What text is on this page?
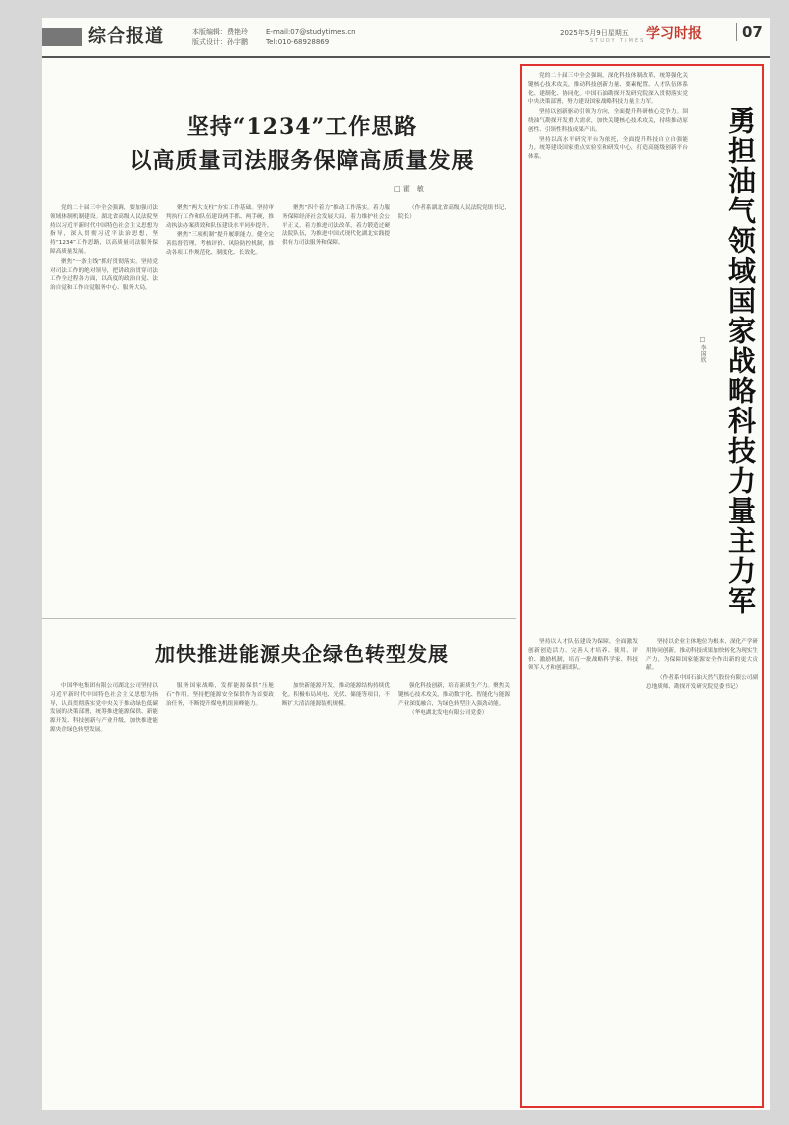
综合报道	本版编辑：费艳玲
版式设计：孙宇鹏
E-mail:07@studytimes.cn
Tel:010-68928869
2025年5月9日星期五
STUDY TIMES 学习时报	07
坚持“1234”工作思路
以高质量司法服务保障高质量发展
□ 霍　敏

党的二十届三中全会强调，要加强司法领域体制机制建设。湖北省高级人民法院坚持以习近平新时代中国特色社会主义思想为指导，深入贯彻习近平法治思想，坚持“1234”工作思路，以高质量司法服务保障高质量发展。

聚焦“一条主线”抓好贯彻落实。坚持党对司法工作的绝对领导，把讲政治贯穿司法工作全过程各方面，以高度的政治自觉、法治自觉和工作自觉服务中心、服务大局。

聚焦“两大支柱”夯实工作基础。坚持审判执行工作和队伍建设两手抓、两手硬，推动执法办案质效和队伍建设水平同步提升。

聚焦“三项机制”提升履职能力。健全完善监督管理、考核评价、风险防控机制，推动各项工作规范化、制度化、长效化。

聚焦“四个着力”推动工作落实。着力服务保障经济社会发展大局，着力维护社会公平正义，着力推进司法改革，着力锻造过硬法院队伍，为推进中国式现代化湖北实践提供有力司法服务和保障。

（作者系湖北省高级人民法院党组书记、院长）

加快推进能源央企绿色转型发展

中国华电集团有限公司湖北公司坚持以习近平新时代中国特色社会主义思想为指导，认真贯彻落实党中央关于推动绿色低碳发展的决策部署，统筹推进能源保供、新能源开发、科技创新与产业升级，加快推进能源央企绿色转型发展。

服务国家战略，发挥能源保供“压舱石”作用。坚持把能源安全保供作为首要政治任务，不断提升煤电机组顶峰能力。

加快新能源开发，推动能源结构持续优化。积极布局风电、光伏、储能等项目，不断扩大清洁能源装机规模。

强化科技创新，培育新质生产力。聚焦关键核心技术攻关，推动数字化、智能化与能源产业深度融合，为绿色转型注入强劲动能。

（华电湖北发电有限公司党委）

勇担油气领域国家战略科技力量主力军
□ 李国欣

党的二十届三中全会强调，深化科技体制改革，统筹强化关键核心技术攻关，推动科技创新力量、要素配置、人才队伍体系化、建制化、协同化。中国石油勘探开发研究院深入贯彻落实党中央决策部署，努力建设国家战略科技力量主力军。

坚持以创新驱动引领为方向，全面提升科研核心竞争力。围绕油气勘探开发重大需求，加快关键核心技术攻关，持续推动原创性、引领性科技成果产出。

坚持以高水平研究平台为依托，全面提升科技自立自强能力。统筹建设国家重点实验室和研发中心，打造高能级创新平台体系。

坚持以人才队伍建设为保障，全面激发创新创造活力。完善人才培养、使用、评价、激励机制，培育一批战略科学家、科技领军人才和创新团队。

坚持以企业主体地位为根本，深化产学研用协同创新，推动科技成果加快转化为现实生产力，为保障国家能源安全作出新的更大贡献。

（作者系中国石油天然气股份有限公司副总地质师、勘探开发研究院党委书记）
